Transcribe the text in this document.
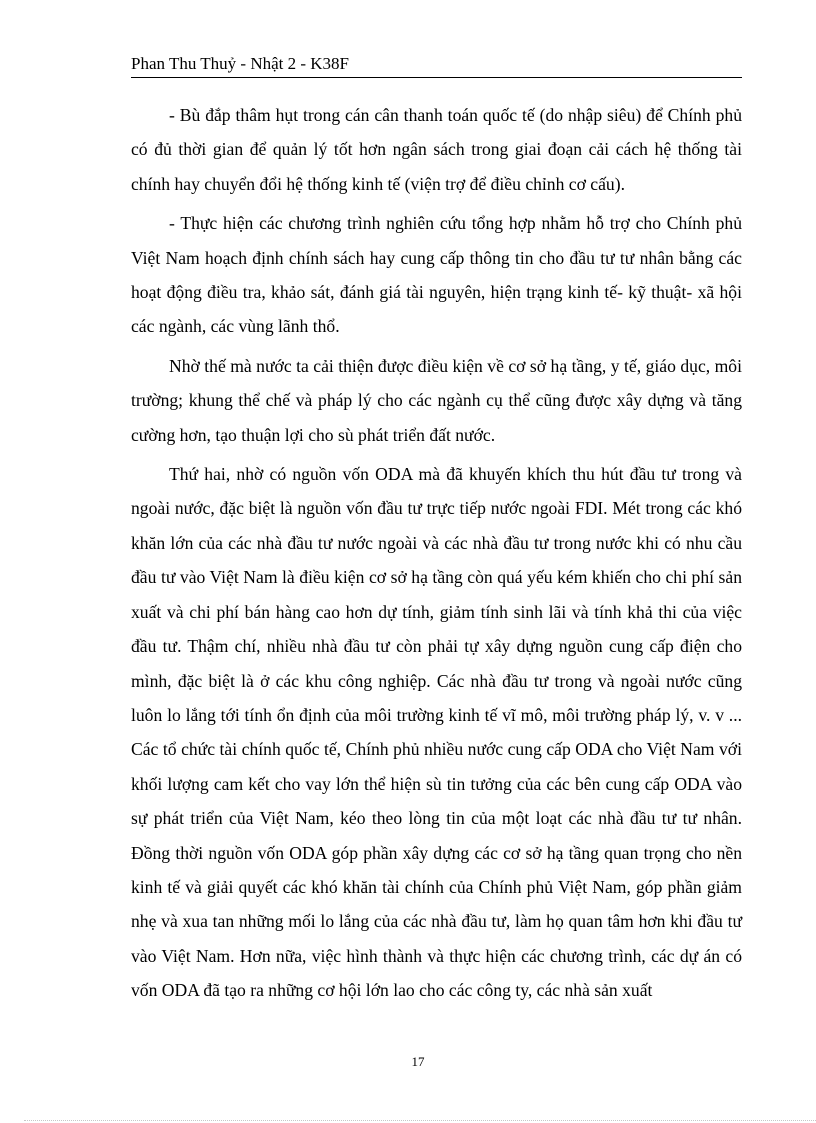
Phan Thu Thuỷ - Nhật 2 - K38F

- Bù đắp thâm hụt trong cán cân thanh toán quốc tế (do nhập siêu) để Chính phủ có đủ thời gian để quản lý tốt hơn ngân sách trong giai đoạn cải cách hệ thống tài chính hay chuyển đổi hệ thống kinh tế (viện trợ để điều chỉnh cơ cấu).

- Thực hiện các chương trình nghiên cứu tổng hợp nhằm hỗ trợ cho Chính phủ Việt Nam hoạch định chính sách hay cung cấp thông tin cho đầu tư tư nhân bằng các hoạt động điều tra, khảo sát, đánh giá tài nguyên, hiện trạng kinh tế- kỹ thuật- xã hội các ngành, các vùng lãnh thổ.

Nhờ thế mà nước ta cải thiện được điều kiện về cơ sở hạ tầng, y tế, giáo dục, môi trường; khung thể chế và pháp lý cho các ngành cụ thể cũng được xây dựng và tăng cường hơn, tạo thuận lợi cho sù phát triển đất nước.

Thứ hai, nhờ có nguồn vốn ODA mà đã khuyến khích thu hút đầu tư trong và ngoài nước, đặc biệt là nguồn vốn đầu tư trực tiếp nước ngoài FDI. Mét trong các khó khăn lớn của các nhà đầu tư nước ngoài và các nhà đầu tư trong nước khi có nhu cầu đầu tư vào Việt Nam là điều kiện cơ sở hạ tầng còn quá yếu kém khiến cho chi phí sản xuất và chi phí bán hàng cao hơn dự tính, giảm tính sinh lãi và tính khả thi của việc đầu tư. Thậm chí, nhiều nhà đầu tư còn phải tự xây dựng nguồn cung cấp điện cho mình, đặc biệt là ở các khu công nghiệp. Các nhà đầu tư trong và ngoài nước cũng luôn lo lắng tới tính ổn định của môi trường kinh tế vĩ mô, môi trường pháp lý, v. v ... Các tổ chức tài chính quốc tế, Chính phủ nhiều nước cung cấp ODA cho Việt Nam với khối lượng cam kết cho vay lớn thể hiện sù tin tưởng của các bên cung cấp ODA vào sự phát triển của Việt Nam, kéo theo lòng tin của một loạt các nhà đầu tư tư nhân. Đồng thời nguồn vốn ODA góp phần xây dựng các cơ sở hạ tầng quan trọng cho nền kinh tế và giải quyết các khó khăn tài chính của Chính phủ Việt Nam, góp phần giảm nhẹ và xua tan những mối lo lắng của các nhà đầu tư, làm họ quan tâm hơn khi đầu tư vào Việt Nam. Hơn nữa, việc hình thành và thực hiện các chương trình, các dự án có vốn ODA đã tạo ra những cơ hội lớn lao cho các công ty, các nhà sản xuất

17
